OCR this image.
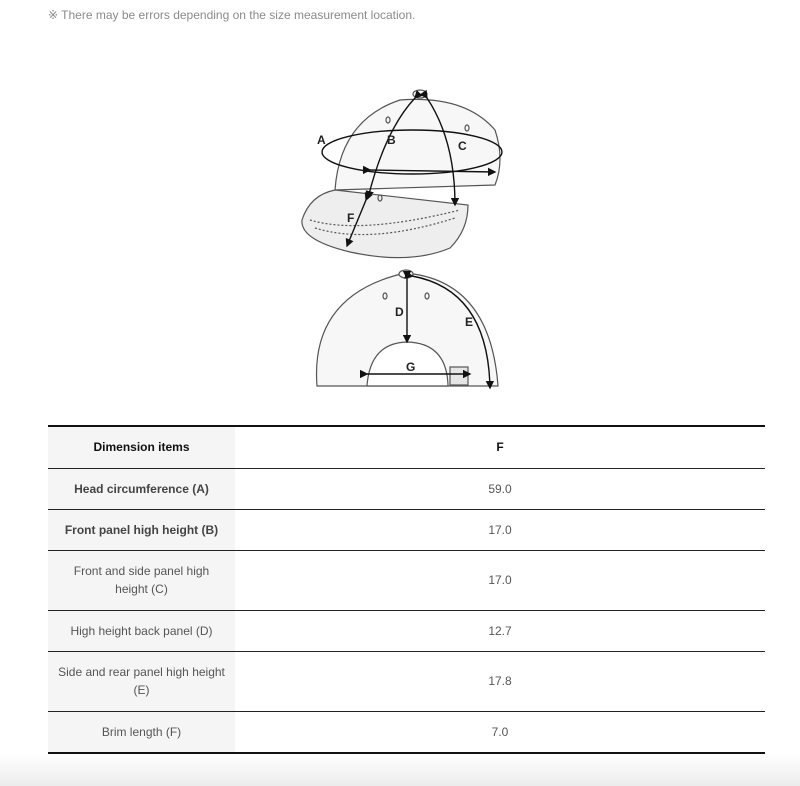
※ There may be errors depending on the size measurement location.
A	B	C
F
D
E
G
Dimension items	F
Head circumference (A)	59.0
Front panel high height (B)	17.0
Front and side panel high height (C)	17.0
High height back panel (D)	12.7
Side and rear panel high height (E)	17.8
Brim length (F)	7.0
